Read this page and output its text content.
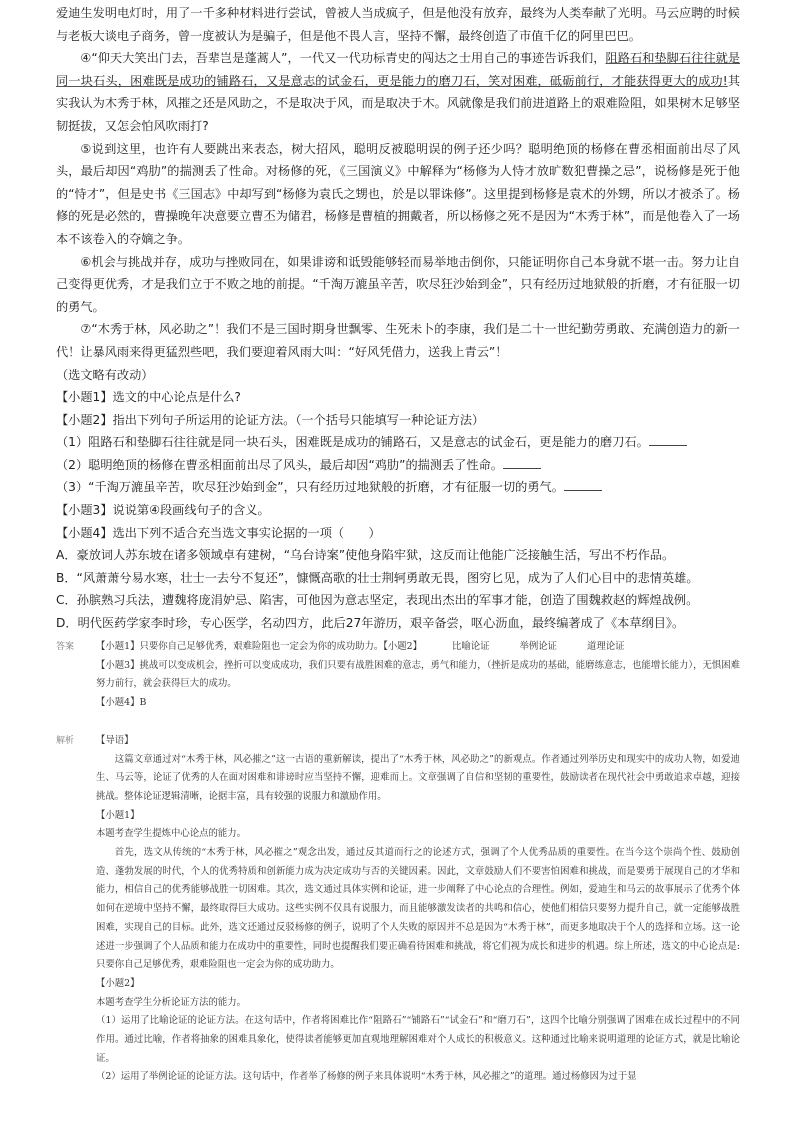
爱迪生发明电灯时，用了一千多种材料进行尝试，曾被人当成疯子，但是他没有放弃，最终为人类奉献了光明。马云应聘的时候与老板大谈电子商务，曾一度被认为是骗子，但是他不畏人言，坚持不懈，最终创造了市值千亿的阿里巴巴。

④“仰天大笑出门去，吾辈岂是蓬蒿人”，一代又一代功标青史的闯达之士用自己的事迹告诉我们，阻路石和垫脚石往往就是同一块石头，困难既是成功的铺路石，又是意志的试金石，更是能力的磨刀石，笑对困难，砥砺前行，才能获得更大的成功!其实我认为木秀于林，风摧之还是风助之，不是取决于风，而是取决于木。风就像是我们前进道路上的艰难险阻，如果树木足够坚韧挺拔，又怎会怕风吹雨打?

⑤说到这里，也许有人要跳出来表态，树大招风，聪明反被聪明误的例子还少吗？聪明绝顶的杨修在曹丞相面前出尽了风头，最后却因“鸡肋”的揣测丢了性命。对杨修的死，《三国演义》中解释为“杨修为人恃才放旷数犯曹操之忌”，说杨修是死于他的“恃才”，但是史书《三国志》中却写到“杨修为袁氏之甥也，於是以罪诛修”。这里提到杨修是袁术的外甥，所以才被杀了。杨修的死是必然的，曹操晚年决意要立曹丕为储君，杨修是曹植的拥戴者，所以杨修之死不是因为“木秀于林”，而是他卷入了一场本不该卷入的夺嫡之争。

⑥机会与挑战并存，成功与挫败同在，如果诽谤和诋毁能够轻而易举地击倒你，只能证明你自己本身就不堪一击。努力让自己变得更优秀，才是我们立于不败之地的前提。“千淘万漉虽辛苦，吹尽狂沙始到金”，只有经历过地狱般的折磨，才有征服一切的勇气。

⑦“木秀于林，风必助之”！我们不是三国时期身世飘零、生死未卜的李康，我们是二十一世纪勤劳勇敢、充满创造力的新一代！让暴风雨来得更猛烈些吧，我们要迎着风雨大叫：“好风凭借力，送我上青云”！

（选文略有改动）

【小题1】选文的中心论点是什么?

【小题2】指出下列句子所运用的论证方法。（一个括号只能填写一种论证方法）

（1）阻路石和垫脚石往往就是同一块石头，困难既是成功的铺路石，又是意志的试金石，更是能力的磨刀石。

（2）聪明绝顶的杨修在曹丞相面前出尽了风头，最后却因“鸡肋”的揣测丢了性命。

（3）“千淘万漉虽辛苦，吹尽狂沙始到金”，只有经历过地狱般的折磨，才有征服一切的勇气。

【小题3】说说第④段画线句子的含义。

【小题4】选出下列不适合充当选文事实论据的一项（　　）

A．豪放词人苏东坡在诸多领域卓有建树，“乌台诗案”使他身陷牢狱，这反而让他能广泛接触生活，写出不朽作品。

B．“风萧萧兮易水寒，壮士一去兮不复还”，慷慨高歌的壮士荆轲勇敢无畏，图穷匕见，成为了人们心目中的悲情英雄。

C．孙膑熟习兵法，遭魏将庞涓妒忌、陷害，可他因为意志坚定，表现出杰出的军事才能，创造了围魏救赵的辉煌战例。

D．明代医药学家李时珍，专心医学，名动四方，此后27年游历，艰辛备尝，呕心沥血，最终编著成了《本草纲目》。

答案 【小题1】只要你自己足够优秀，艰难险阻也一定会为你的成功助力。【小题2】	比喻论证	举例论证	道理论证

【小题3】挑战可以变成机会，挫折可以变成成功，我们只要有战胜困难的意志，勇气和能力，（挫折是成功的基础，能磨练意志，也能增长能力），无惧困难努力前行，就会获得巨大的成功。

【小题4】B

解析 【导语】

这篇文章通过对“木秀于林，风必摧之”这一古语的重新解读，提出了“木秀于林，风必助之”的新观点。作者通过列举历史和现实中的成功人物，如爱迪生、马云等，论证了优秀的人在面对困难和诽谤时应当坚持不懈，迎难而上。文章强调了自信和坚韧的重要性，鼓励读者在现代社会中勇敢追求卓越，迎接挑战。整体论证逻辑清晰，论据丰富，具有较强的说服力和激励作用。

【小题1】

本题考查学生提炼中心论点的能力。

首先，选文从传统的“木秀于林，风必摧之”观念出发，通过反其道而行之的论述方式，强调了个人优秀品质的重要性。在当今这个崇尚个性、鼓励创造、蓬勃发展的时代，个人的优秀特质和创新能力成为决定成功与否的关键因素。因此，文章鼓励人们不要害怕困难和挑战，而是要勇于展现自己的才华和能力，相信自己的优秀能够战胜一切困难。其次，选文通过具体实例和论证，进一步阐释了中心论点的合理性。例如，爱迪生和马云的故事展示了优秀个体如何在逆境中坚持不懈，最终取得巨大成功。这些实例不仅具有说服力，而且能够激发读者的共鸣和信心，使他们相信只要努力提升自己，就一定能够战胜困难，实现自己的目标。此外，选文还通过反驳杨修的例子，说明了个人失败的原因并不总是因为“木秀于林”，而更多地取决于个人的选择和立场。这一论述进一步强调了个人品质和能力在成功中的重要性，同时也提醒我们要正确看待困难和挑战，将它们视为成长和进步的机遇。综上所述，选文的中心论点是:只要你自己足够优秀，艰难险阻也一定会为你的成功助力。

【小题2】

本题考查学生分析论证方法的能力。

（1）运用了比喻论证的论证方法。在这句话中，作者将困难比作“阻路石”“铺路石”“试金石”和“磨刀石”，这四个比喻分别强调了困难在成长过程中的不同作用。通过比喻，作者将抽象的困难具象化，使得读者能够更加直观地理解困难对个人成长的积极意义。这种通过比喻来说明道理的论证方式，就是比喻论证。

（2）运用了举例论证的论证方法。这句话中，作者举了杨修的例子来具体说明“木秀于林，风必摧之”的道理。通过杨修因为过于显
